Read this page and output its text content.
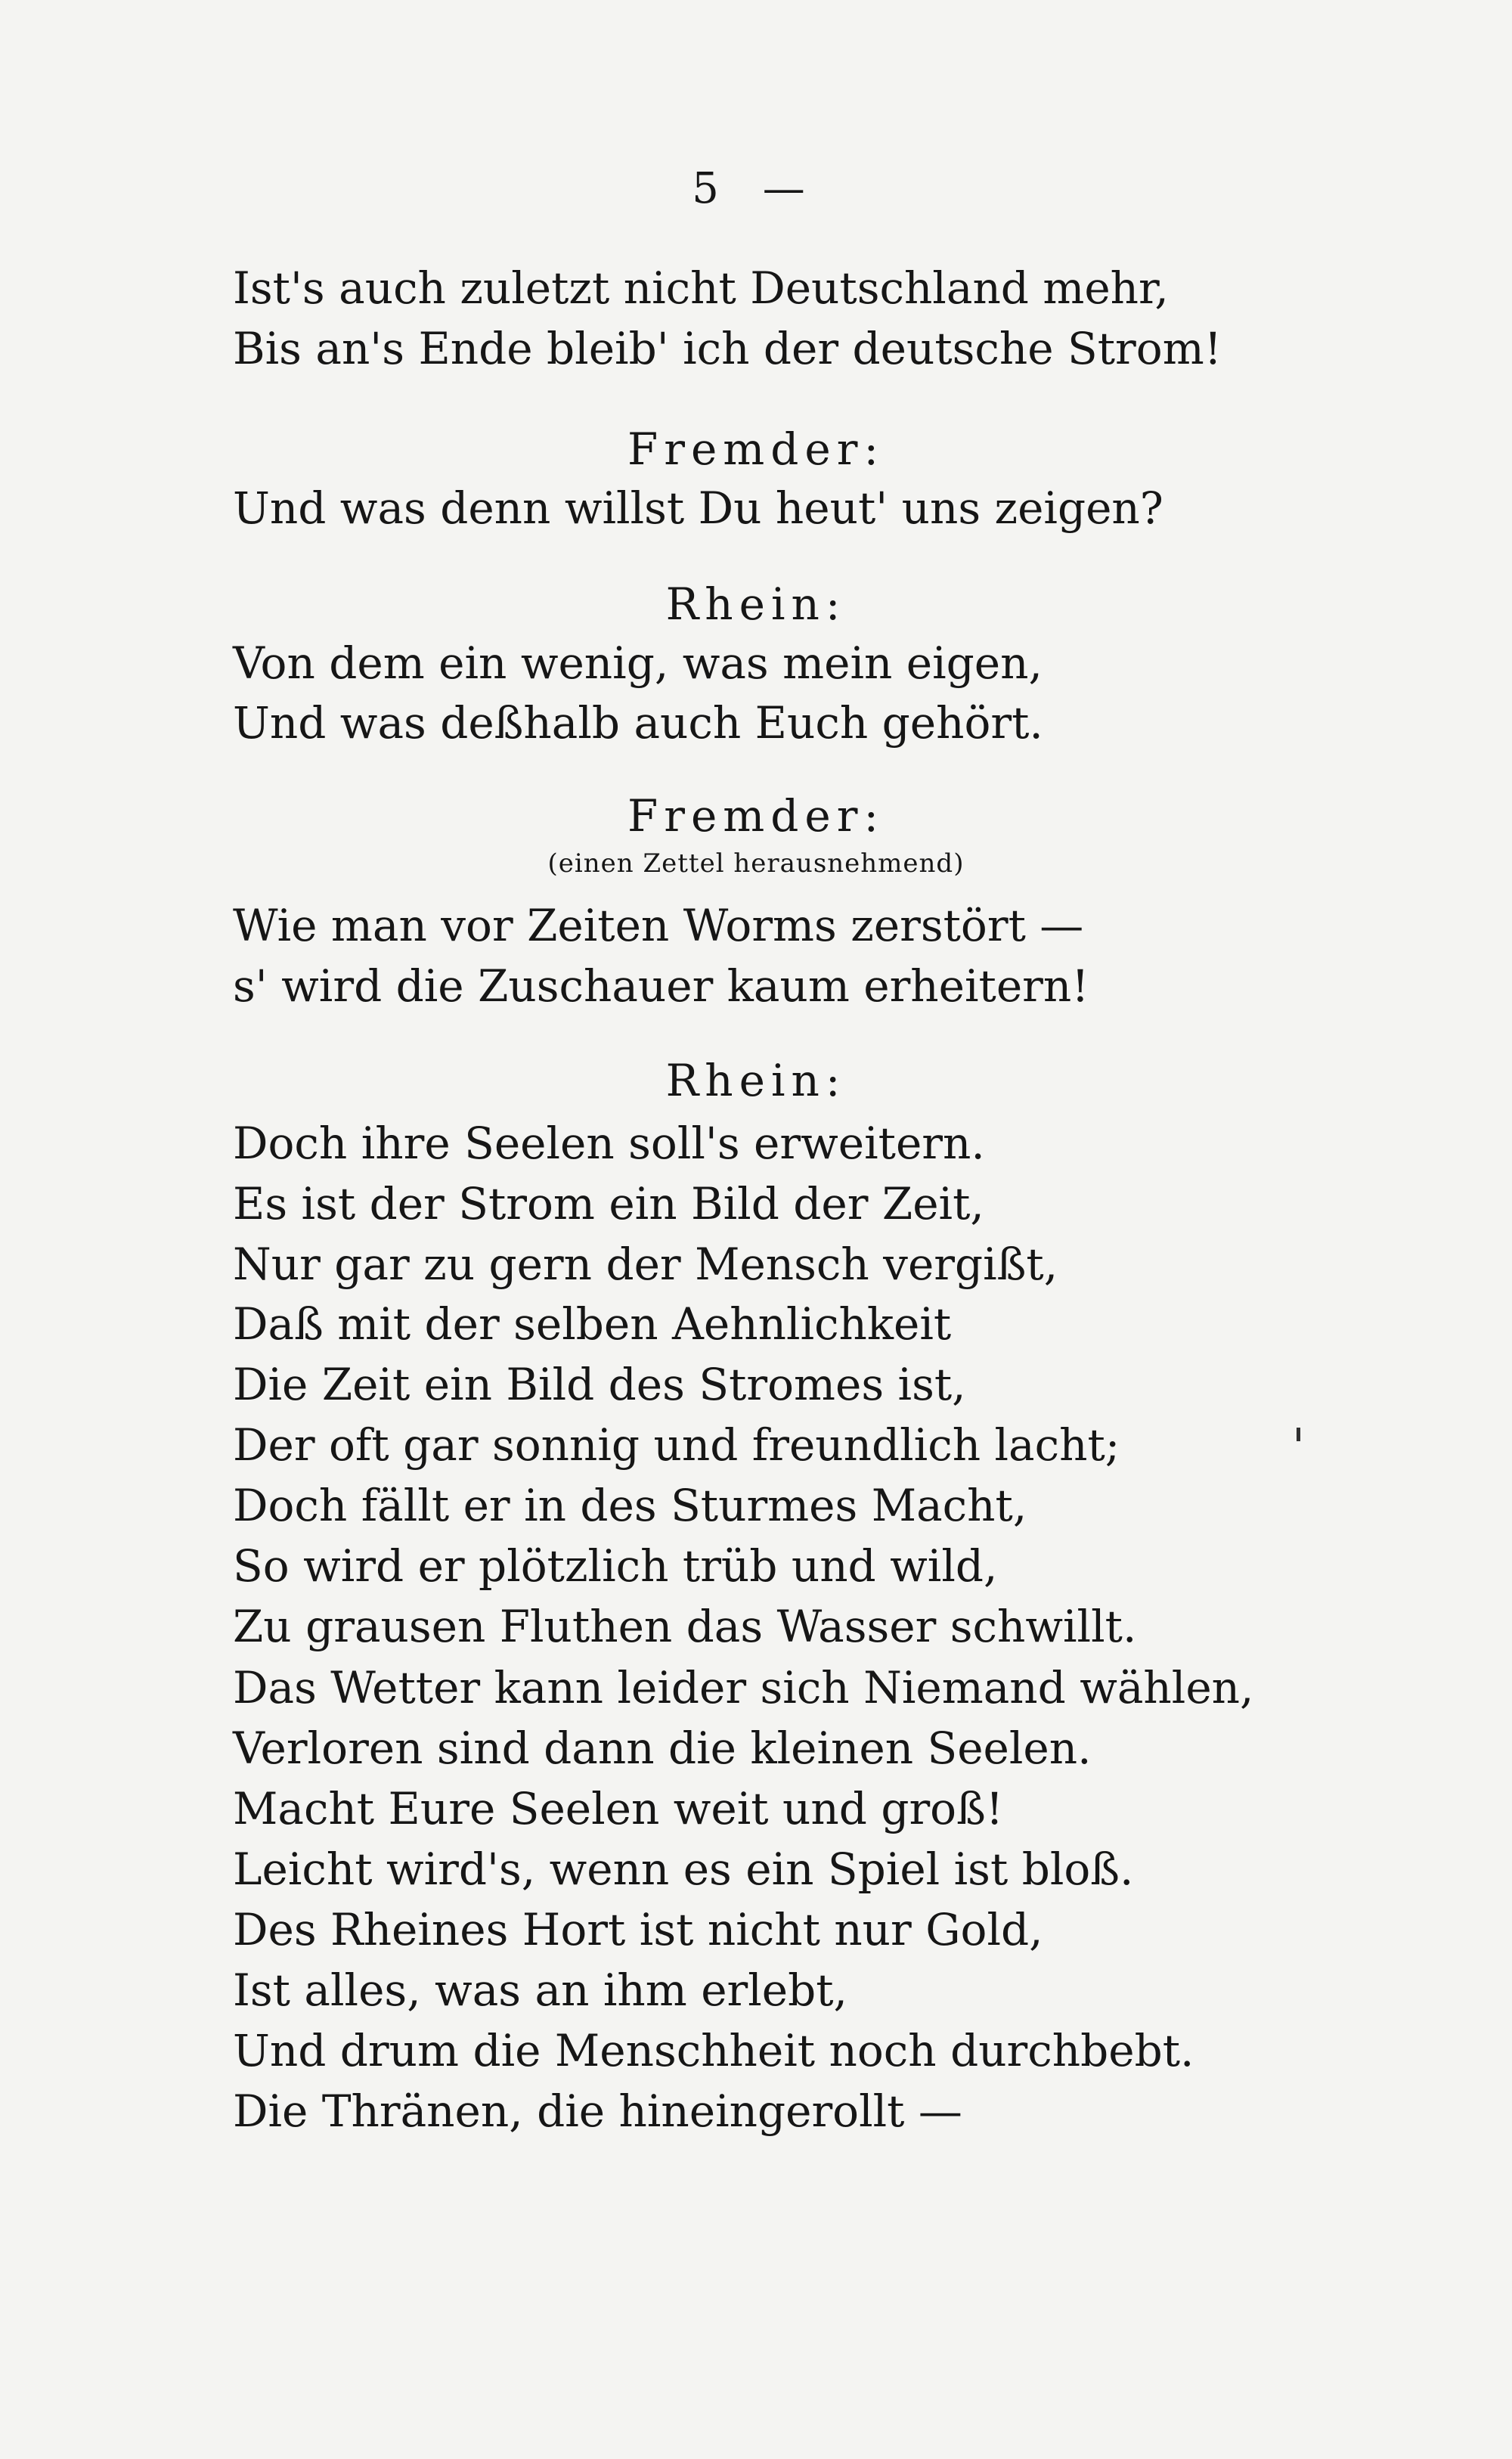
5 —
Ist's auch zuletzt nicht Deutschland mehr,
Bis an's Ende bleib' ich der deutsche Strom!
Fremder:
Und was denn willst Du heut' uns zeigen?
Rhein:
Von dem ein wenig, was mein eigen,
Und was deßhalb auch Euch gehört.
Fremder:
(einen Zettel herausnehmend)
Wie man vor Zeiten Worms zerstört —
s' wird die Zuschauer kaum erheitern!
Rhein:
Doch ihre Seelen soll's erweitern.
Es ist der Strom ein Bild der Zeit,
Nur gar zu gern der Mensch vergißt,
Daß mit der selben Aehnlichkeit
Die Zeit ein Bild des Stromes ist,
Der oft gar sonnig und freundlich lacht;
Doch fällt er in des Sturmes Macht,
So wird er plötzlich trüb und wild,
Zu grausen Fluthen das Wasser schwillt.
Das Wetter kann leider sich Niemand wählen,
Verloren sind dann die kleinen Seelen.
Macht Eure Seelen weit und groß!
Leicht wird's, wenn es ein Spiel ist bloß.
Des Rheines Hort ist nicht nur Gold,
Ist alles, was an ihm erlebt,
Und drum die Menschheit noch durchbebt.
Die Thränen, die hineingerollt —
